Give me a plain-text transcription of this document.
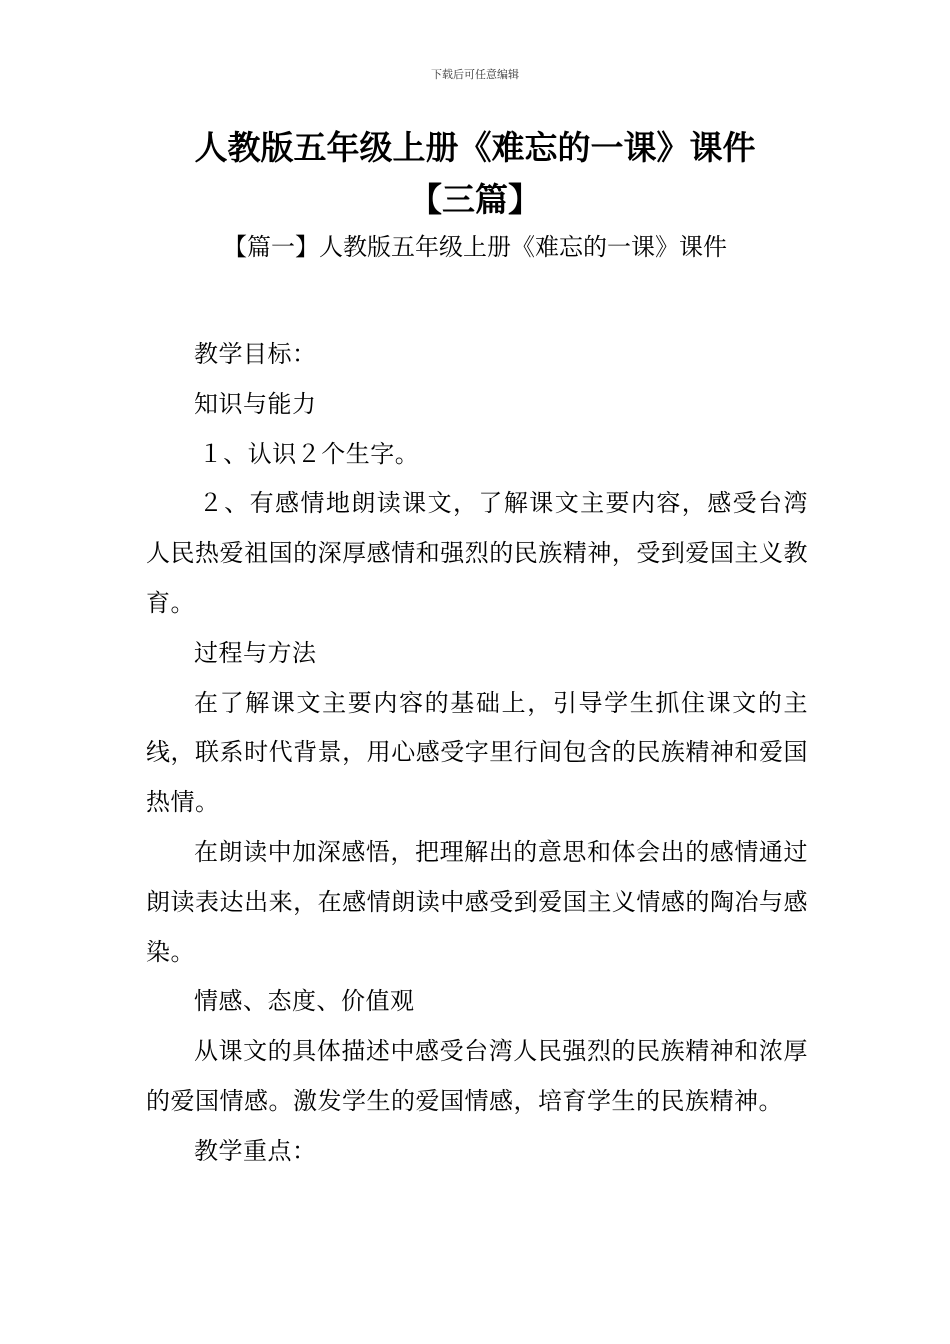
下载后可任意编辑
人教版五年级上册《难忘的一课》课件
【三篇】
【篇一】人教版五年级上册《难忘的一课》课件

教学目标：

知识与能力

１、认识２个生字。

２、有感情地朗读课文，了解课文主要内容，感受台湾人民热爱祖国的深厚感情和强烈的民族精神，受到爱国主义教育。

过程与方法

在了解课文主要内容的基础上，引导学生抓住课文的主线，联系时代背景，用心感受字里行间包含的民族精神和爱国热情。

在朗读中加深感悟，把理解出的意思和体会出的感情通过朗读表达出来，在感情朗读中感受到爱国主义情感的陶冶与感染。

情感、态度、价值观

从课文的具体描述中感受台湾人民强烈的民族精神和浓厚的爱国情感。激发学生的爱国情感，培育学生的民族精神。

教学重点：
